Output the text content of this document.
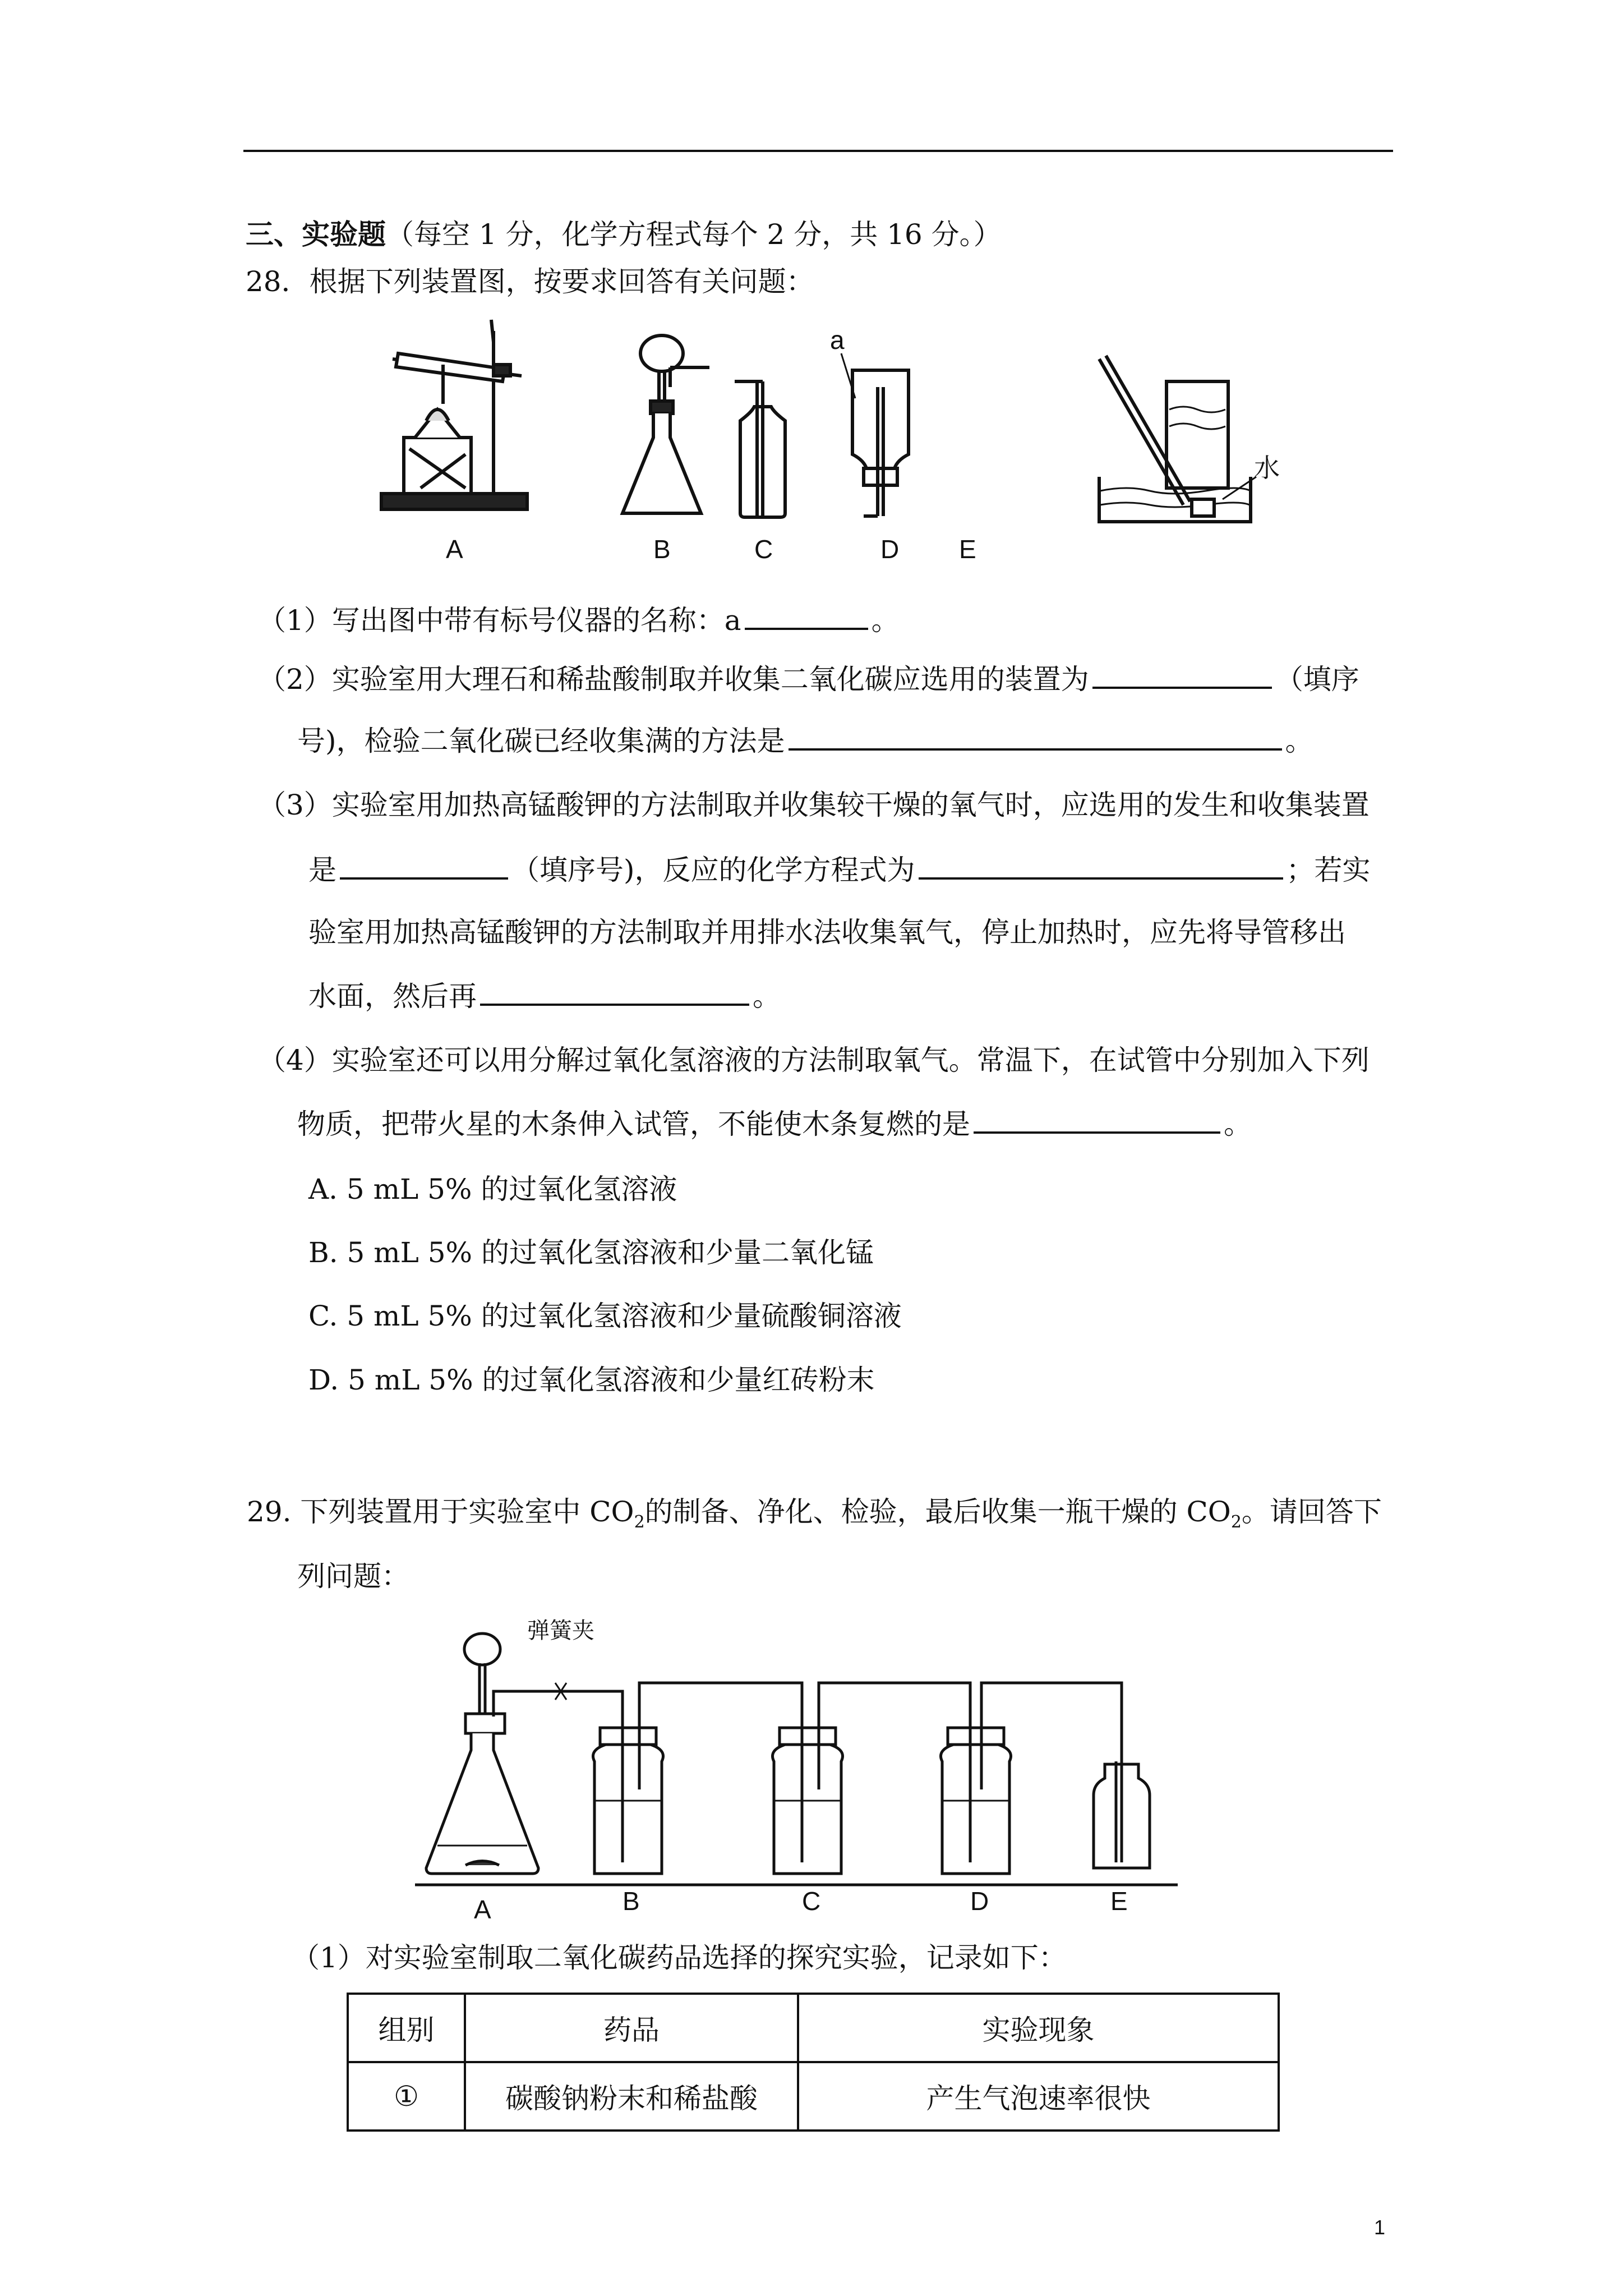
三、实验题（每空 1 分，化学方程式每个 2 分，共 16 分。）
28．根据下列装置图，按要求回答有关问题：
a
A	B	C	D E
水
（1）写出图中带有标号仪器的名称：a	。
（2）实验室用大理石和稀盐酸制取并收集二氧化碳应选用的装置为	（填序
号)，检验二氧化碳已经收集满的方法是	。
（3）实验室用加热高锰酸钾的方法制取并收集较干燥的氧气时，应选用的发生和收集装置
是	（填序号)，反应的化学方程式为	；若实
验室用加热高锰酸钾的方法制取并用排水法收集氧气，停止加热时，应先将导管移出
水面，然后再	。
（4）实验室还可以用分解过氧化氢溶液的方法制取氧气。常温下，在试管中分别加入下列
物质，把带火星的木条伸入试管，不能使木条复燃的是	。
A. 5 mL 5% 的过氧化氢溶液
B. 5 mL 5% 的过氧化氢溶液和少量二氧化锰
C. 5 mL 5% 的过氧化氢溶液和少量硫酸铜溶液
D. 5 mL 5% 的过氧化氢溶液和少量红砖粉末
29. 下列装置用于实验室中 $CO_2$的制备、净化、检验，最后收集一瓶干燥的 $CO_2$。请回答下
列问题：
弹簧夹
A	B	C	D	E
（1）对实验室制取二氧化碳药品选择的探究实验，记录如下：
组别	药品	实验现象
①	碳酸钠粉末和稀盐酸	产生气泡速率很快
1
